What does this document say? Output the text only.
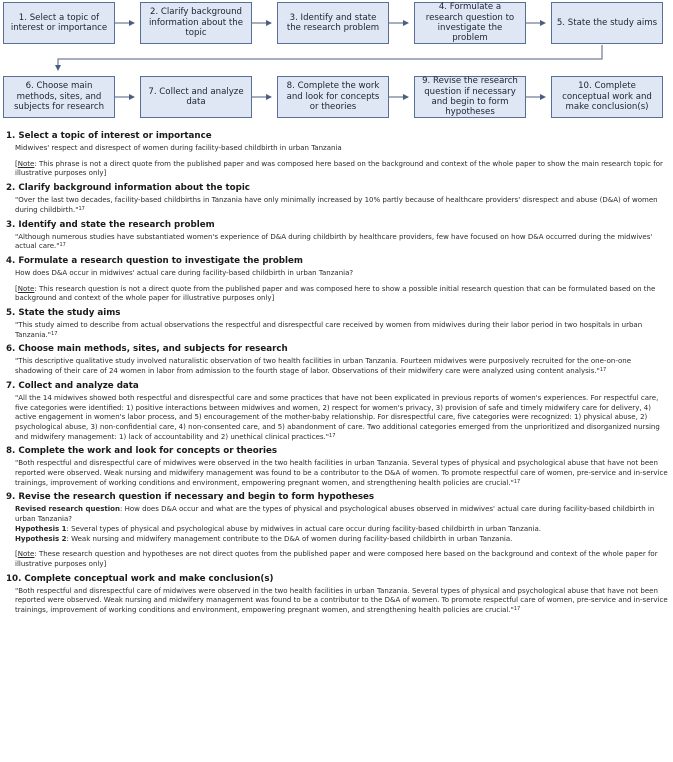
1. Select a topic of interest or importance
2. Clarify background information about the topic
3. Identify and state the research problem
4. Formulate a research question to investigate the problem
5. State the study aims
6. Choose main methods, sites, and subjects for research
7. Collect and analyze data
8. Complete the work and look for concepts or theories
9. Revise the research question if necessary and begin to form hypotheses
10. Complete conceptual work and make conclusion(s)
1. Select a topic of interest or importance
Midwives' respect and disrespect of women during facility-based childbirth in urban Tanzania
[Note: This phrase is not a direct quote from the published paper and was composed here based on the background and context of the whole paper to show the main research topic for illustrative purposes only]
2. Clarify background information about the topic
"Over the last two decades, facility-based childbirths in Tanzania have only minimally increased by 10% partly because of healthcare providers' disrespect and abuse (D&A) of women during childbirth."$^{17}$
3. Identify and state the research problem
"Although numerous studies have substantiated women's experience of D&A during childbirth by healthcare providers, few have focused on how D&A occurred during the midwives' actual care."$^{17}$
4. Formulate a research question to investigate the problem
How does D&A occur in midwives' actual care during facility-based childbirth in urban Tanzania?
[Note: This research question is not a direct quote from the published paper and was composed here to show a possible initial research question that can be formulated based on the background and context of the whole paper for illustrative purposes only]
5. State the study aims
"This study aimed to describe from actual observations the respectful and disrespectful care received by women from midwives during their labor period in two hospitals in urban Tanzania."$^{17}$
6. Choose main methods, sites, and subjects for research
"This descriptive qualitative study involved naturalistic observation of two health facilities in urban Tanzania. Fourteen midwives were purposively recruited for the one-on-one shadowing of their care of 24 women in labor from admission to the fourth stage of labor. Observations of their midwifery care were analyzed using content analysis."$^{17}$
7. Collect and analyze data
"All the 14 midwives showed both respectful and disrespectful care and some practices that have not been explicated in previous reports of women's experiences. For respectful care, five categories were identified: 1) positive interactions between midwives and women, 2) respect for women's privacy, 3) provision of safe and timely midwifery care for delivery, 4) active engagement in women's labor process, and 5) encouragement of the mother-baby relationship. For disrespectful care, five categories were recognized: 1) physical abuse, 2) psychological abuse, 3) non-confidential care, 4) non-consented care, and 5) abandonment of care. Two additional categories emerged from the unprioritized and disorganized nursing and midwifery management: 1) lack of accountability and 2) unethical clinical practices."$^{17}$
8. Complete the work and look for concepts or theories
"Both respectful and disrespectful care of midwives were observed in the two health facilities in urban Tanzania. Several types of physical and psychological abuse that have not been reported were observed. Weak nursing and midwifery management was found to be a contributor to the D&A of women. To promote respectful care of women, pre-service and in-service trainings, improvement of working conditions and environment, empowering pregnant women, and strengthening health policies are crucial."$^{17}$
9. Revise the research question if necessary and begin to form hypotheses
Revised research question: How does D&A occur and what are the types of physical and psychological abuses observed in midwives' actual care during facility-based childbirth in urban Tanzania?
Hypothesis 1: Several types of physical and psychological abuse by midwives in actual care occur during facility-based childbirth in urban Tanzania.
Hypothesis 2: Weak nursing and midwifery management contribute to the D&A of women during facility-based childbirth in urban Tanzania.
[Note: These research question and hypotheses are not direct quotes from the published paper and were composed here based on the background and context of the whole paper for illustrative purposes only]
10. Complete conceptual work and make conclusion(s)
"Both respectful and disrespectful care of midwives were observed in the two health facilities in urban Tanzania. Several types of physical and psychological abuse that have not been reported were observed. Weak nursing and midwifery management was found to be a contributor to the D&A of women. To promote respectful care of women, pre-service and in-service trainings, improvement of working conditions and environment, empowering pregnant women, and strengthening health policies are crucial."$^{17}$
